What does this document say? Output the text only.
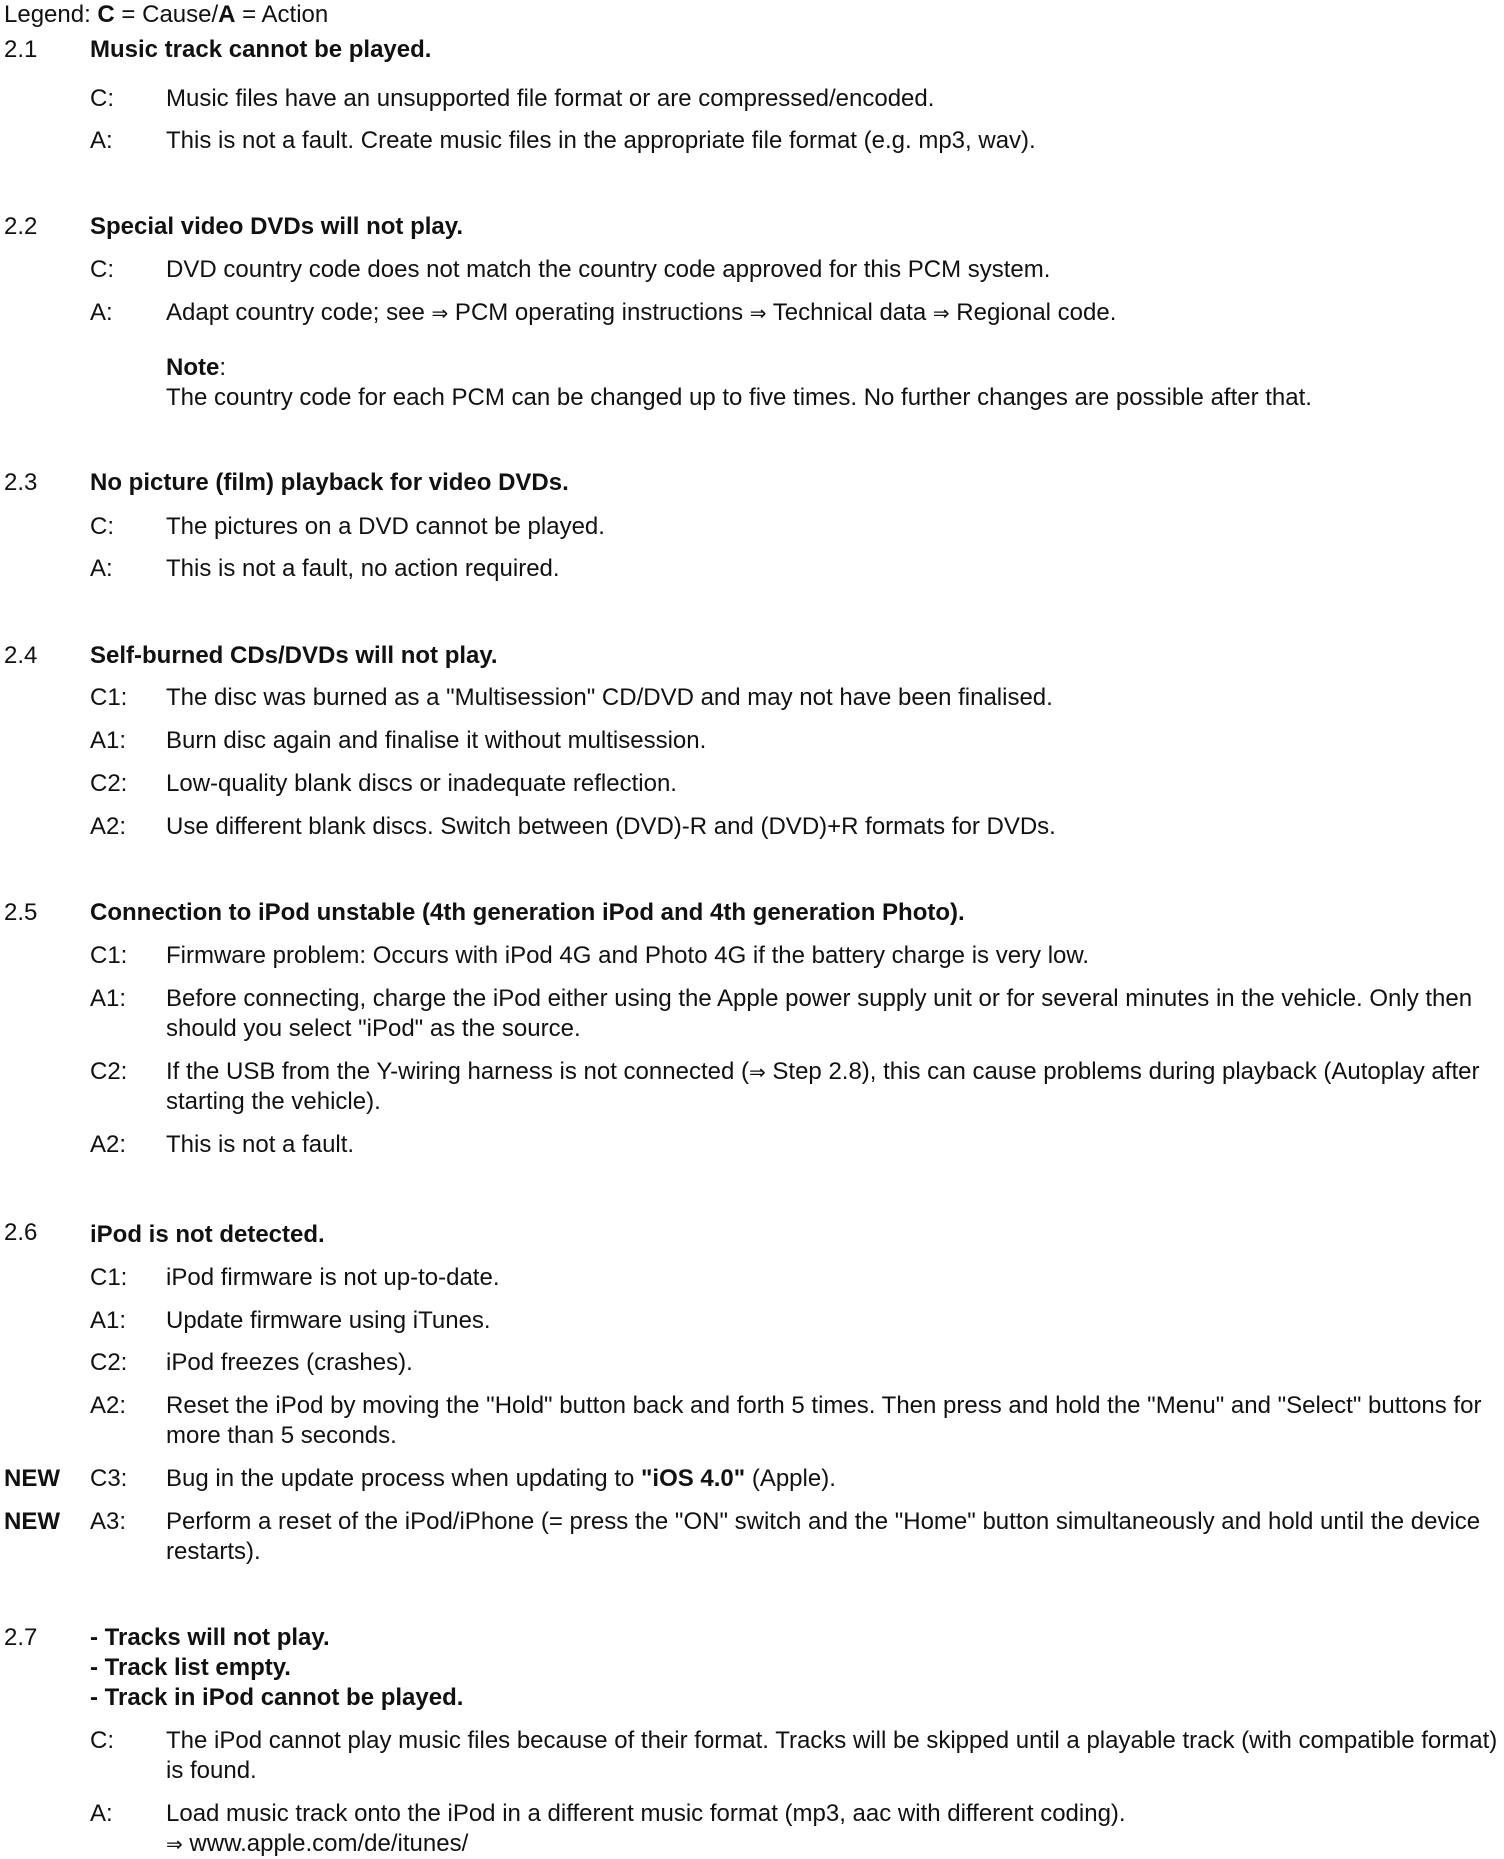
Legend: C = Cause/A = Action
2.1 Music track cannot be played.
C: Music files have an unsupported file format or are compressed/encoded.
A: This is not a fault. Create music files in the appropriate file format (e.g. mp3, wav).
2.2 Special video DVDs will not play.
C: DVD country code does not match the country code approved for this PCM system.
A: Adapt country code; see ⇒ PCM operating instructions ⇒ Technical data ⇒ Regional code.
Note:
The country code for each PCM can be changed up to five times. No further changes are possible after that.
2.3 No picture (film) playback for video DVDs.
C: The pictures on a DVD cannot be played.
A: This is not a fault, no action required.
2.4 Self-burned CDs/DVDs will not play.
C1: The disc was burned as a "Multisession" CD/DVD and may not have been finalised.
A1: Burn disc again and finalise it without multisession.
C2: Low-quality blank discs or inadequate reflection.
A2: Use different blank discs. Switch between (DVD)-R and (DVD)+R formats for DVDs.
2.5 Connection to iPod unstable (4th generation iPod and 4th generation Photo).
C1: Firmware problem: Occurs with iPod 4G and Photo 4G if the battery charge is very low.
A1: Before connecting, charge the iPod either using the Apple power supply unit or for several minutes in the vehicle. Only then should you select "iPod" as the source.
C2: If the USB from the Y-wiring harness is not connected (⇒ Step 2.8), this can cause problems during playback (Autoplay after starting the vehicle).
A2: This is not a fault.
2.6 iPod is not detected.
C1: iPod firmware is not up-to-date.
A1: Update firmware using iTunes.
C2: iPod freezes (crashes).
A2: Reset the iPod by moving the "Hold" button back and forth 5 times. Then press and hold the "Menu" and "Select" buttons for more than 5 seconds.
NEW C3: Bug in the update process when updating to "iOS 4.0" (Apple).
NEW A3: Perform a reset of the iPod/iPhone (= press the "ON" switch and the "Home" button simultaneously and hold until the device restarts).
2.7 - Tracks will not play.
- Track list empty.
- Track in iPod cannot be played.
C: The iPod cannot play music files because of their format. Tracks will be skipped until a playable track (with compatible format) is found.
A: Load music track onto the iPod in a different music format (mp3, aac with different coding).
⇒ www.apple.com/de/itunes/
